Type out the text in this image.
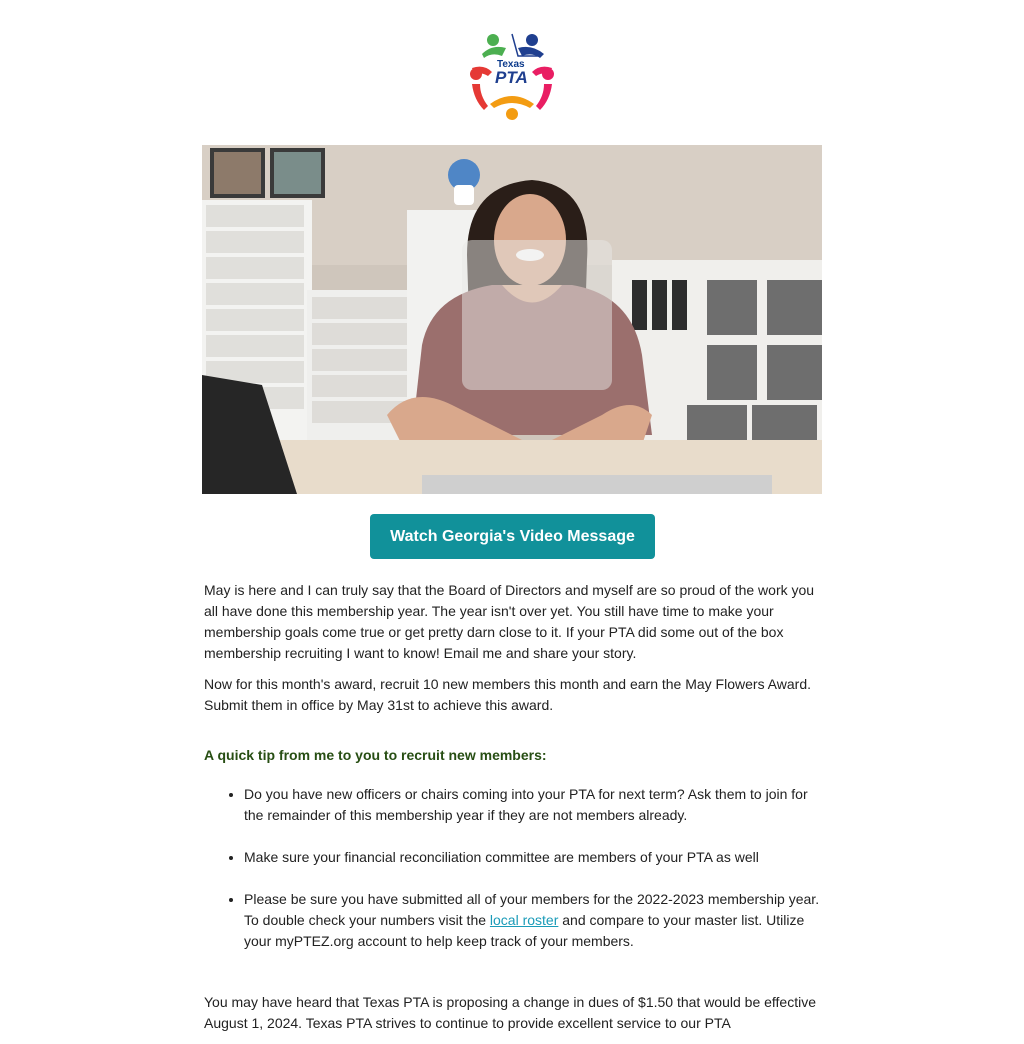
Texas
PTA
Watch Georgia's Video Message

May is here and I can truly say that the Board of Directors and myself are so proud of the work you all have done this membership year. The year isn't over yet. You still have time to make your membership goals come true or get pretty darn close to it. If your PTA did some out of the box membership recruiting I want to know! Email me and share your story.

Now for this month's award, recruit 10 new members this month and earn the May Flowers Award. Submit them in office by May 31st to achieve this award.

A quick tip from me to you to recruit new members:

• Do you have new officers or chairs coming into your PTA for next term? Ask them to join for the remainder of this membership year if they are not members already.
• Make sure your financial reconciliation committee are members of your PTA as well
• Please be sure you have submitted all of your members for the 2022-2023 membership year. To double check your numbers visit the local roster and compare to your master list. Utilize your myPTEZ.org account to help keep track of your members.

You may have heard that Texas PTA is proposing a change in dues of $1.50 that would be effective August 1, 2024. Texas PTA strives to continue to provide excellent service to our PTA
